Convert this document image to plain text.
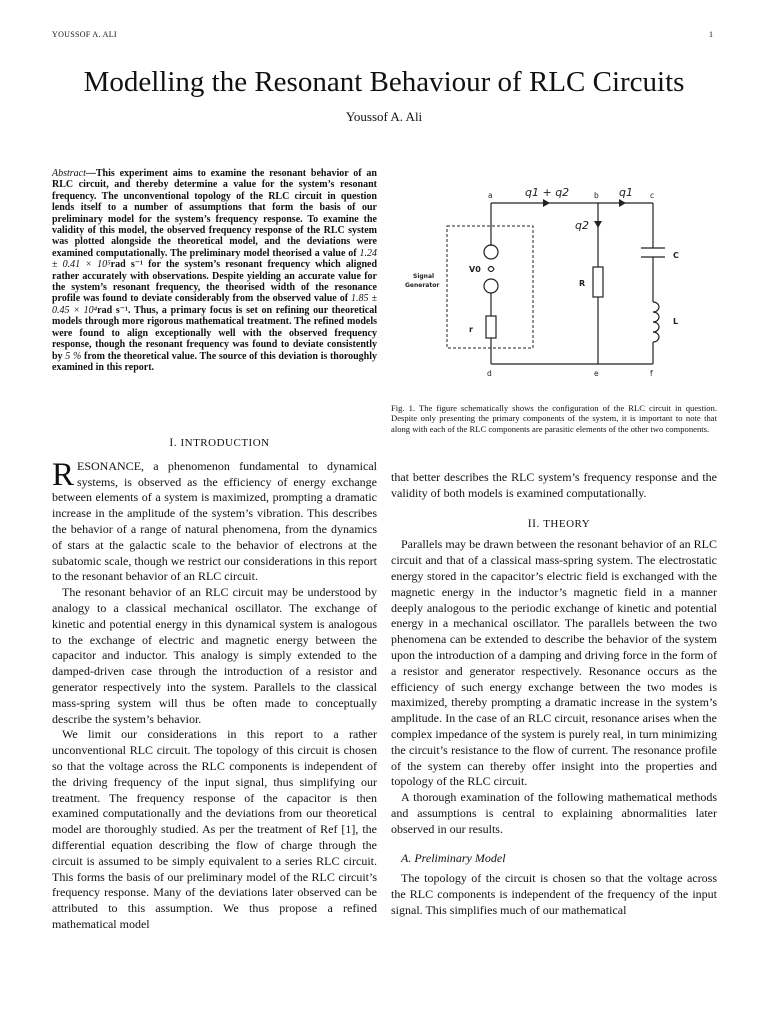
YOUSSOF A. ALI	1
Modelling the Resonant Behaviour of RLC Circuits
Youssof A. Ali
Abstract—This experiment aims to examine the resonant behavior of an RLC circuit, and thereby determine a value for the system’s resonant frequency. The unconventional topology of the RLC circuit in question lends itself to a number of assumptions that form the basis of our preliminary model for the system’s frequency response. To examine the validity of this model, the observed frequency response of the RLC system was plotted alongside the theoretical model, and the deviations were examined computationally. The preliminary model theorised a value of 1.24 ± 0.41 × 10⁵rad s⁻¹ for the system’s resonant frequency which aligned rather accurately with observations. Despite yielding an accurate value for the system’s resonant frequency, the theorised width of the resonance profile was found to deviate considerably from the observed value of 1.85 ± 0.45 × 10⁴rad s⁻¹. Thus, a primary focus is set on refining our theoretical models through more rigorous mathematical treatment. The refined models were found to align exceptionally well with the observed frequency response, though the resonant frequency was found to deviate consistently by 5 % from the theoretical value. The source of this deviation is thoroughly examined in this report.

I. INTRODUCTION

RESONANCE, a phenomenon fundamental to dynamical systems, is observed as the efficiency of energy exchange between elements of a system is maximized, prompting a dramatic increase in the amplitude of the system’s vibration. This describes the behavior of a range of natural phenomena, from the dynamics of stars at the galactic scale to the behavior of electrons at the subatomic scale, though we restrict our considerations in this report to the resonant behavior of an RLC circuit.

The resonant behavior of an RLC circuit may be understood by analogy to a classical mechanical oscillator. The exchange of kinetic and potential energy in this dynamical system is analogous to the exchange of electric and magnetic energy between the capacitor and inductor. This analogy is simply extended to the damped-driven case through the introduction of a resistor and generator respectively into the system. Parallels to the classical mass-spring system will thus be often made to conceptually describe the system’s behavior.

We limit our considerations in this report to a rather unconventional RLC circuit. The topology of this circuit is chosen so that the voltage across the RLC components is independent of the driving frequency of the input signal, thus simplifying our treatment. The frequency response of the capacitor is then examined computationally and the deviations from our theoretical model are thoroughly studied. As per the treatment of Ref [1], the differential equation describing the flow of charge through the circuit is assumed to be simply equivalent to a series RLC circuit. This forms the basis of our preliminary model of the RLC circuit’s frequency response. Many of the deviations later observed can be attributed to this assumption. We thus propose a refined mathematical model

a	b	c
d	e	f
q1 + q2	q1
q2
V0
r
R
C
L
Signal
Generator
Fig. 1. The figure schematically shows the configuration of the RLC circuit in question. Despite only presenting the primary components of the system, it is important to note that along with each of the RLC components are parasitic elements of the other two components.

that better describes the RLC system’s frequency response and the validity of both models is examined computationally.

II. THEORY

Parallels may be drawn between the resonant behavior of an RLC circuit and that of a classical mass-spring system. The electrostatic energy stored in the capacitor’s electric field is exchanged with the magnetic energy in the inductor’s magnetic field in a manner deeply analogous to the periodic exchange of kinetic and potential energy in a mechanical oscillator. The parallels between the two phenomena can be extended to describe the behavior of the system upon the introduction of a damping and driving force in the form of a resistor and generator respectively. Resonance occurs as the efficiency of such energy exchange between the two modes is maximized, thereby prompting a dramatic increase in the system’s amplitude. In the case of an RLC circuit, resonance arises when the complex impedance of the system is purely real, in turn minimizing the circuit’s resistance to the flow of current. The resonance profile of the system can thereby offer insight into the properties and topology of the RLC circuit.

A thorough examination of the following mathematical methods and assumptions is central to explaining abnormalities later observed in our results.

A. Preliminary Model

The topology of the circuit is chosen so that the voltage across the RLC components is independent of the frequency of the input signal. This simplifies much of our mathematical
